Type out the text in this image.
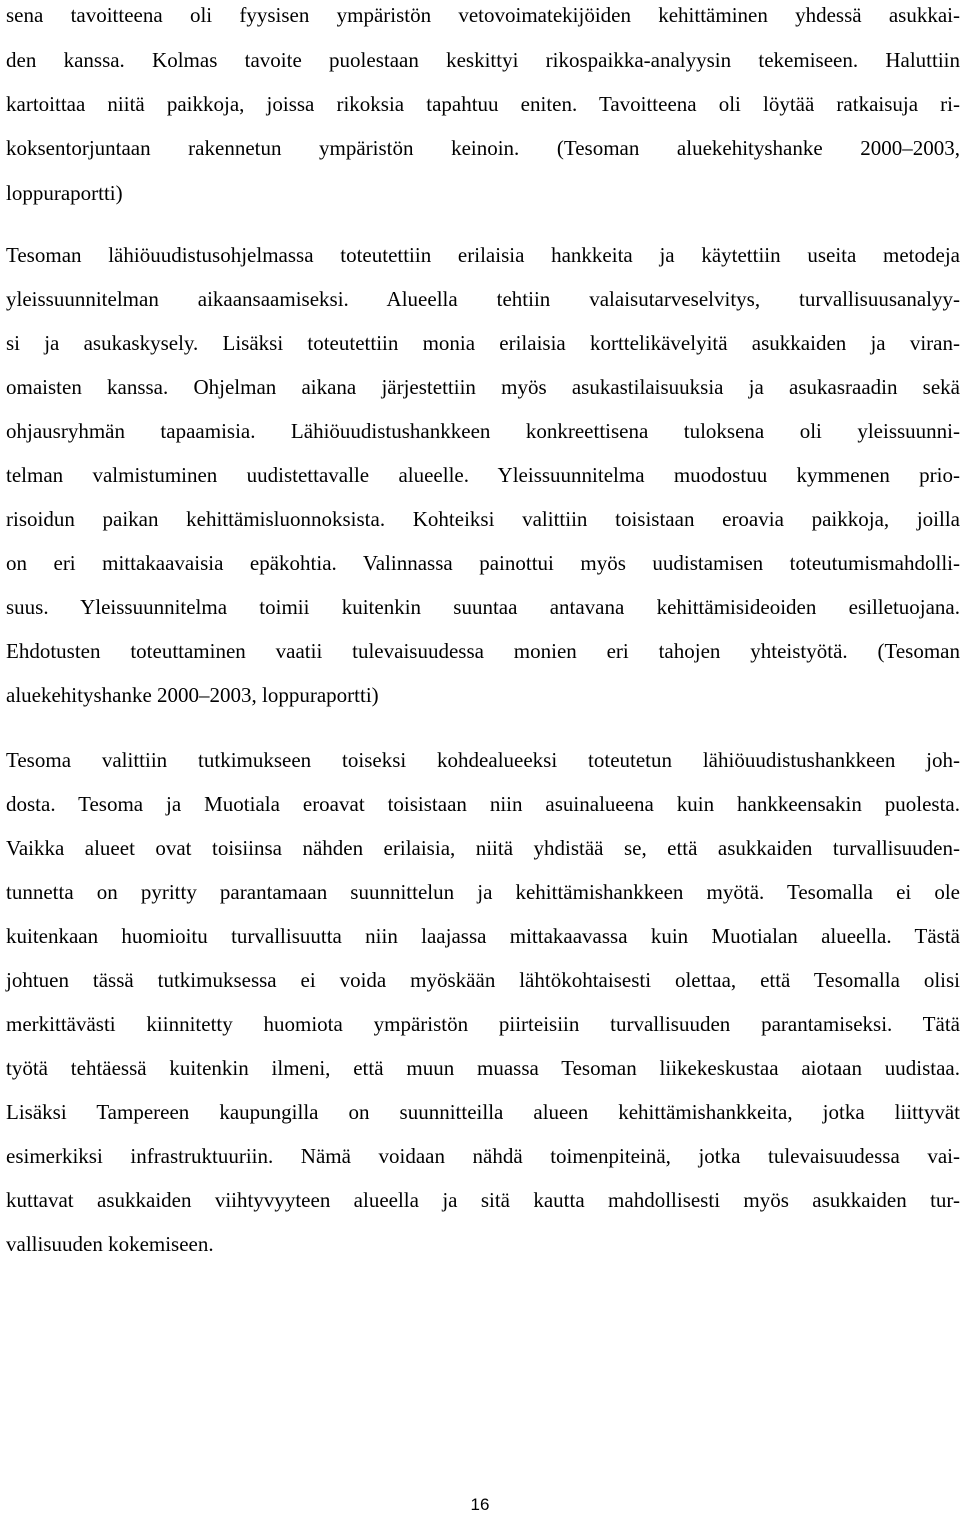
sena tavoitteena oli fyysisen ympäristön vetovoimatekijöiden kehittäminen yhdessä asukkai-

den kanssa. Kolmas tavoite puolestaan keskittyi rikospaikka-analyysin tekemiseen. Haluttiin

kartoittaa niitä paikkoja, joissa rikoksia tapahtuu eniten. Tavoitteena oli löytää ratkaisuja ri-

koksentorjuntaan rakennetun ympäristön keinoin. (Tesoman aluekehityshanke 2000–2003,

loppuraportti)

Tesoman lähiöuudistusohjelmassa toteutettiin erilaisia hankkeita ja käytettiin useita metodeja

yleissuunnitelman aikaansaamiseksi. Alueella tehtiin valaisutarveselvitys, turvallisuusanalyy-

si ja asukaskysely. Lisäksi toteutettiin monia erilaisia korttelikävelyitä asukkaiden ja viran-

omaisten kanssa. Ohjelman aikana järjestettiin myös asukastilaisuuksia ja asukasraadin sekä

ohjausryhmän tapaamisia. Lähiöuudistushankkeen konkreettisena tuloksena oli yleissuunni-

telman valmistuminen uudistettavalle alueelle. Yleissuunnitelma muodostuu kymmenen prio-

risoidun paikan kehittämisluonnoksista. Kohteiksi valittiin toisistaan eroavia paikkoja, joilla

on eri mittakaavaisia epäkohtia. Valinnassa painottui myös uudistamisen toteutumismahdolli-

suus. Yleissuunnitelma toimii kuitenkin suuntaa antavana kehittämisideoiden esilletuojana.

Ehdotusten toteuttaminen vaatii tulevaisuudessa monien eri tahojen yhteistyötä. (Tesoman

aluekehityshanke 2000–2003, loppuraportti)

Tesoma valittiin tutkimukseen toiseksi kohdealueeksi toteutetun lähiöuudistushankkeen joh-

dosta. Tesoma ja Muotiala eroavat toisistaan niin asuinalueena kuin hankkeensakin puolesta.

Vaikka alueet ovat toisiinsa nähden erilaisia, niitä yhdistää se, että asukkaiden turvallisuuden-

tunnetta on pyritty parantamaan suunnittelun ja kehittämishankkeen myötä. Tesomalla ei ole

kuitenkaan huomioitu turvallisuutta niin laajassa mittakaavassa kuin Muotialan alueella. Tästä

johtuen tässä tutkimuksessa ei voida myöskään lähtökohtaisesti olettaa, että Tesomalla olisi

merkittävästi kiinnitetty huomiota ympäristön piirteisiin turvallisuuden parantamiseksi. Tätä

työtä tehtäessä kuitenkin ilmeni, että muun muassa Tesoman liikekeskustaa aiotaan uudistaa.

Lisäksi Tampereen kaupungilla on suunnitteilla alueen kehittämishankkeita, jotka liittyvät

esimerkiksi infrastruktuuriin. Nämä voidaan nähdä toimenpiteinä, jotka tulevaisuudessa vai-

kuttavat asukkaiden viihtyvyyteen alueella ja sitä kautta mahdollisesti myös asukkaiden tur-

vallisuuden kokemiseen.

16
